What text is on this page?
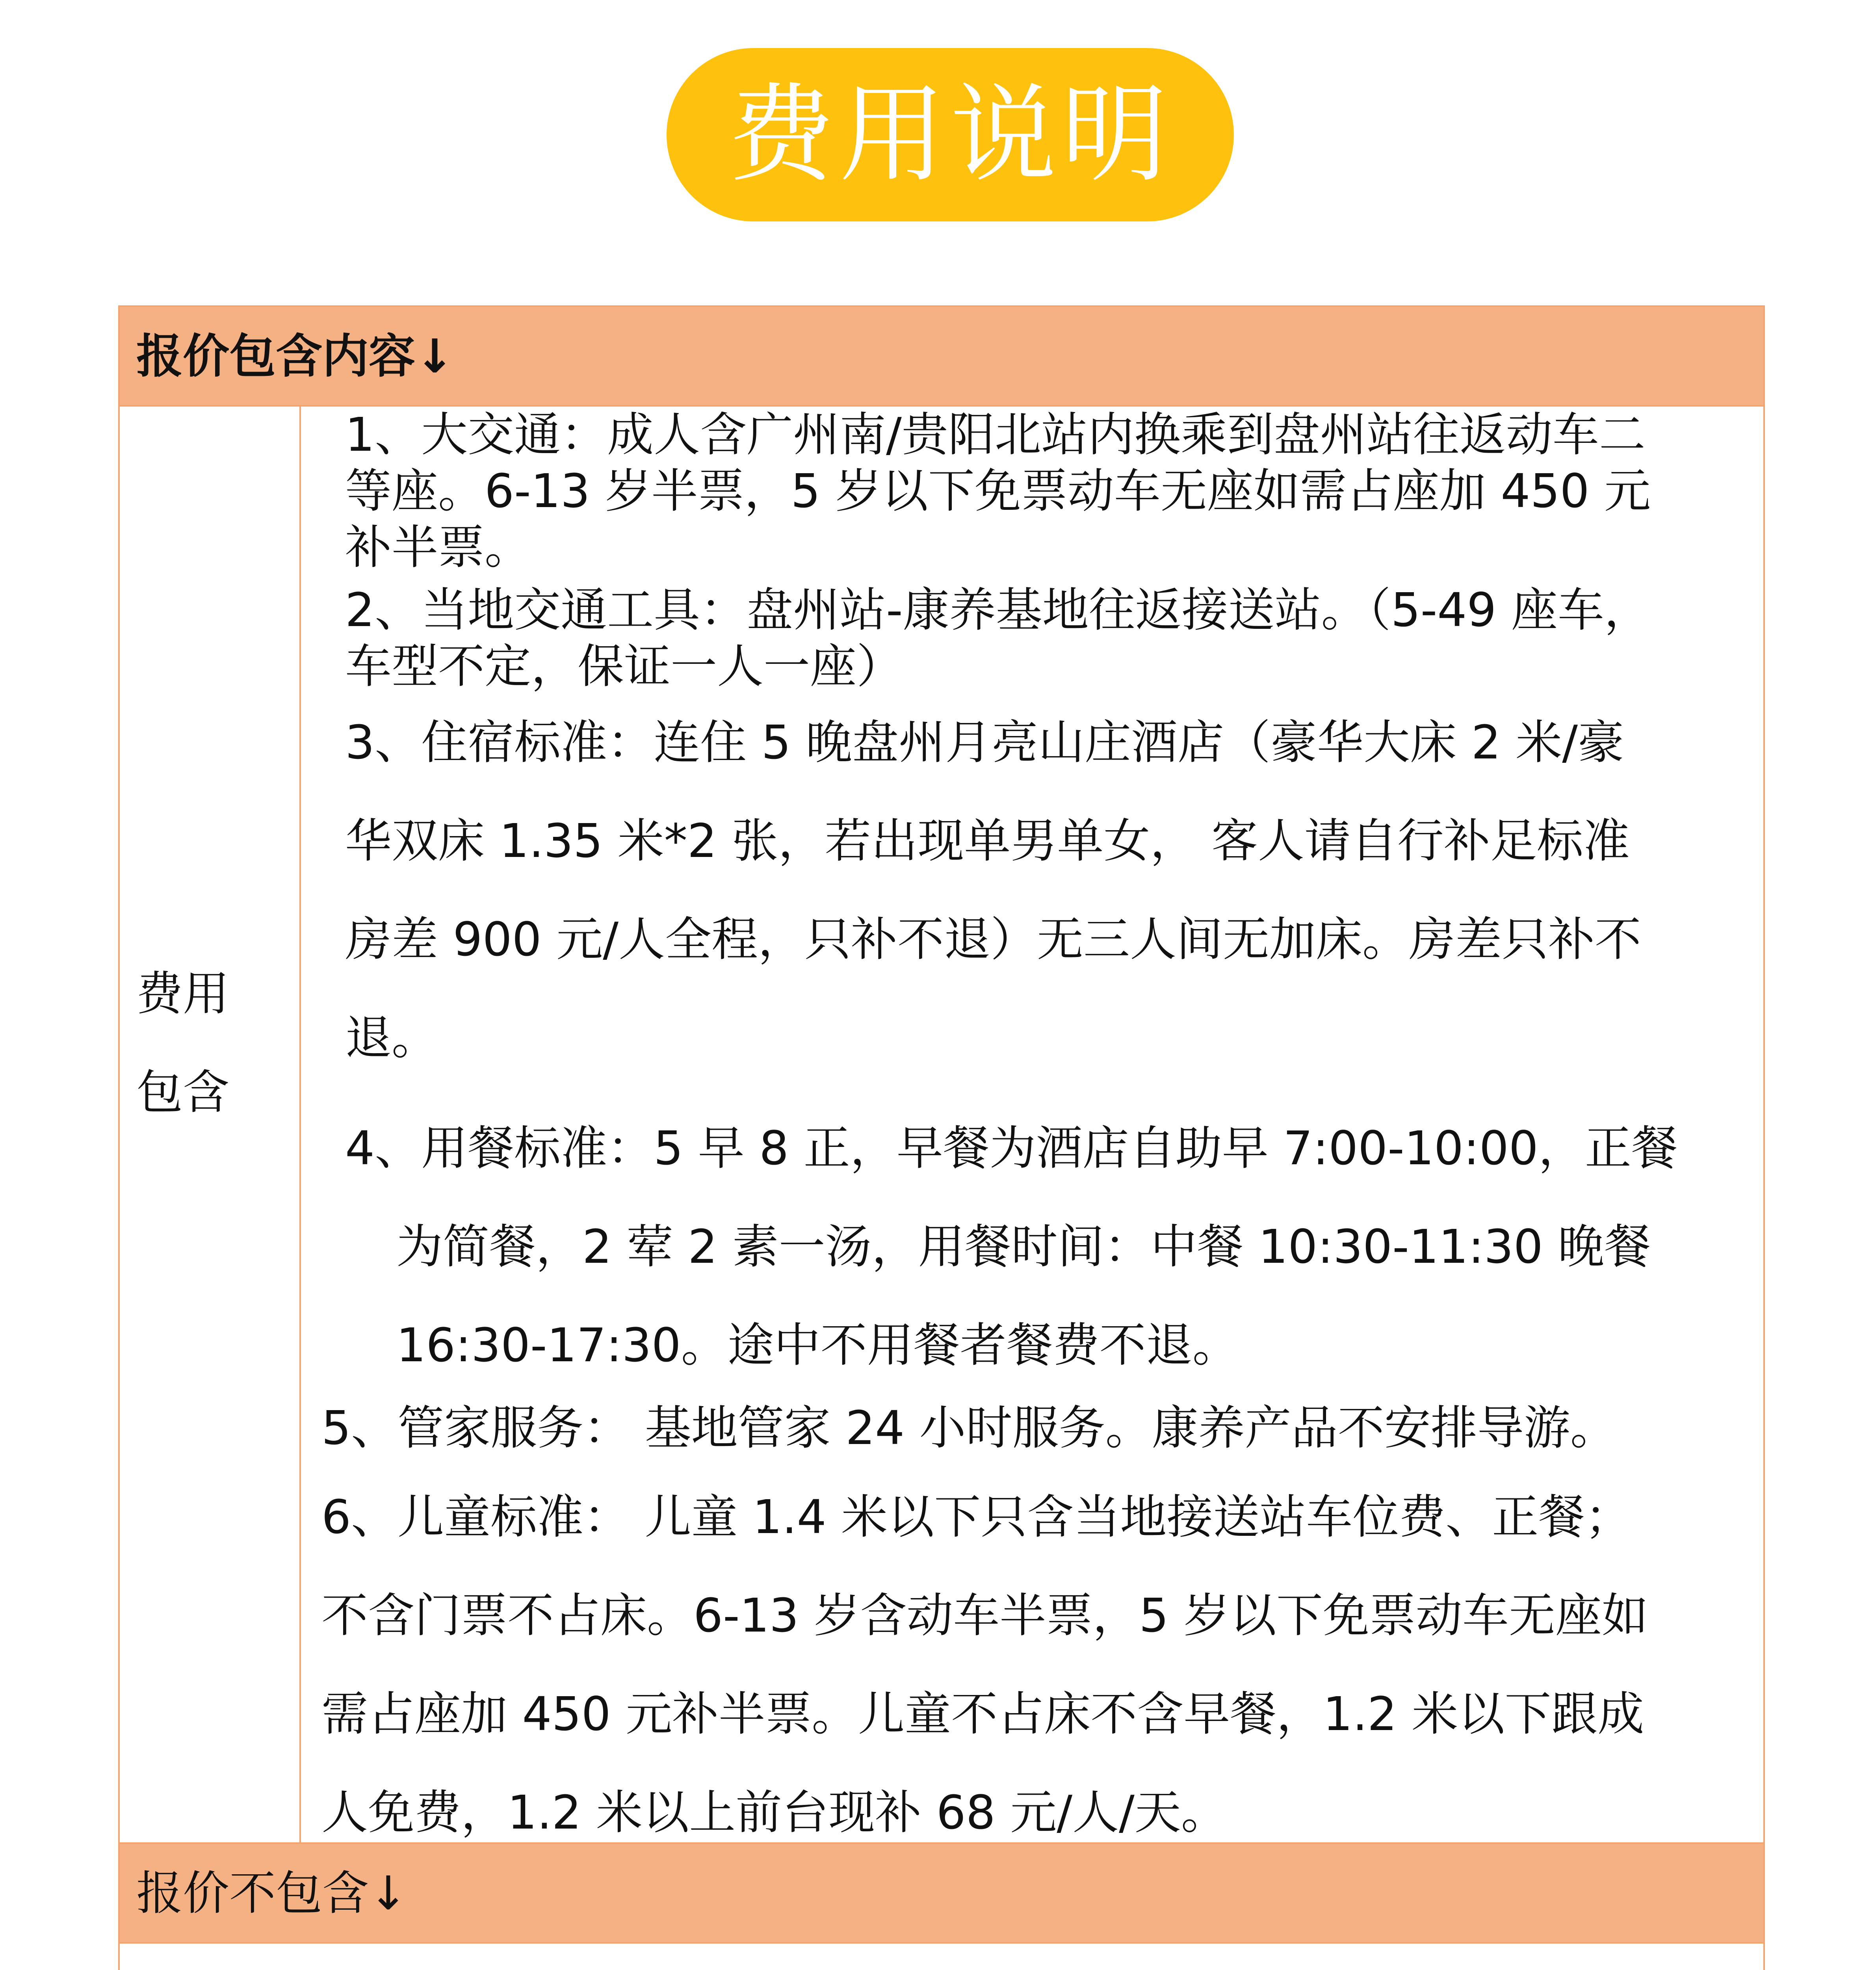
费用说明
报价包含内容↓
费用
包含
1、大交通：成人含广州南/贵阳北站内换乘到盘州站往返动车二
等座。6-13 岁半票，5 岁以下免票动车无座如需占座加 450 元
补半票。
2、当地交通工具：盘州站-康养基地往返接送站。（5-49 座车，
车型不定，保证一人一座）
3、住宿标准：连住 5 晚盘州月亮山庄酒店（豪华大床 2 米/豪
华双床 1.35 米*2 张，若出现单男单女， 客人请自行补足标准
房差 900 元/人全程，只补不退）无三人间无加床。房差只补不
退。
4、用餐标准：5 早 8 正，早餐为酒店自助早 7:00-10:00，正餐
为简餐，2 荤 2 素一汤，用餐时间：中餐 10:30-11:30 晚餐
16:30-17:30。途中不用餐者餐费不退。
5、管家服务： 基地管家 24 小时服务。康养产品不安排导游。
6、儿童标准： 儿童 1.4 米以下只含当地接送站车位费、正餐；
不含门票不占床。6-13 岁含动车半票，5 岁以下免票动车无座如
需占座加 450 元补半票。儿童不占床不含早餐，1.2 米以下跟成
人免费，1.2 米以上前台现补 68 元/人/天。
报价不包含↓
